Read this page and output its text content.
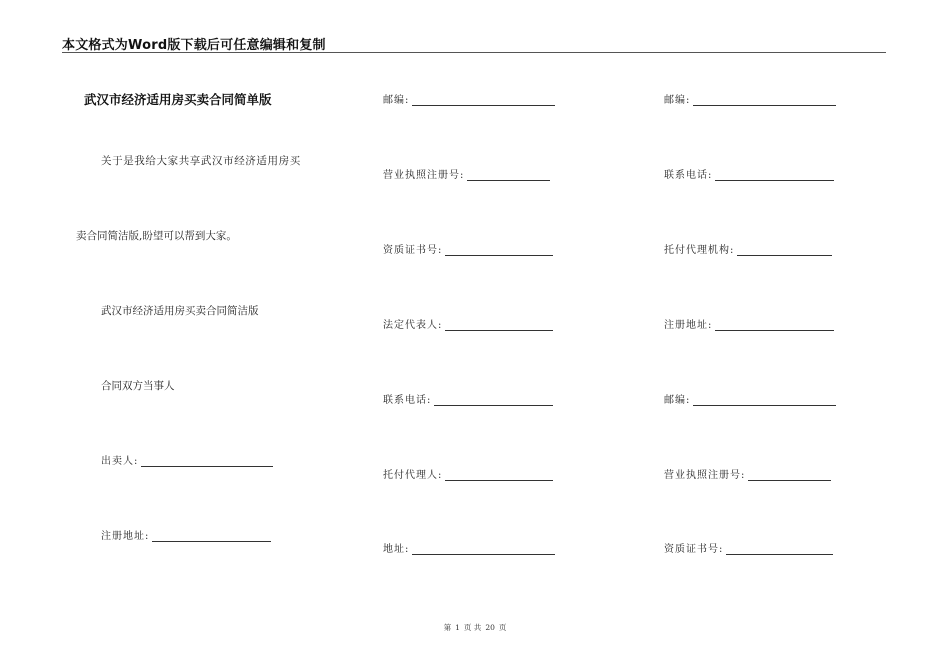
本文格式为Word版下载后可任意编辑和复制
武汉市经济适用房买卖合同简单版
关于是我给大家共享武汉市经济适用房买
卖合同简洁版,盼望可以帮到大家。
武汉市经济适用房买卖合同简洁版
合同双方当事人
出卖人:
注册地址:
邮编:
营业执照注册号:
资质证书号:
法定代表人:
联系电话:
托付代理人:
地址:
邮编:
联系电话:
托付代理机构:
注册地址:
邮编:
营业执照注册号:
资质证书号:
第 1 页 共 20 页
